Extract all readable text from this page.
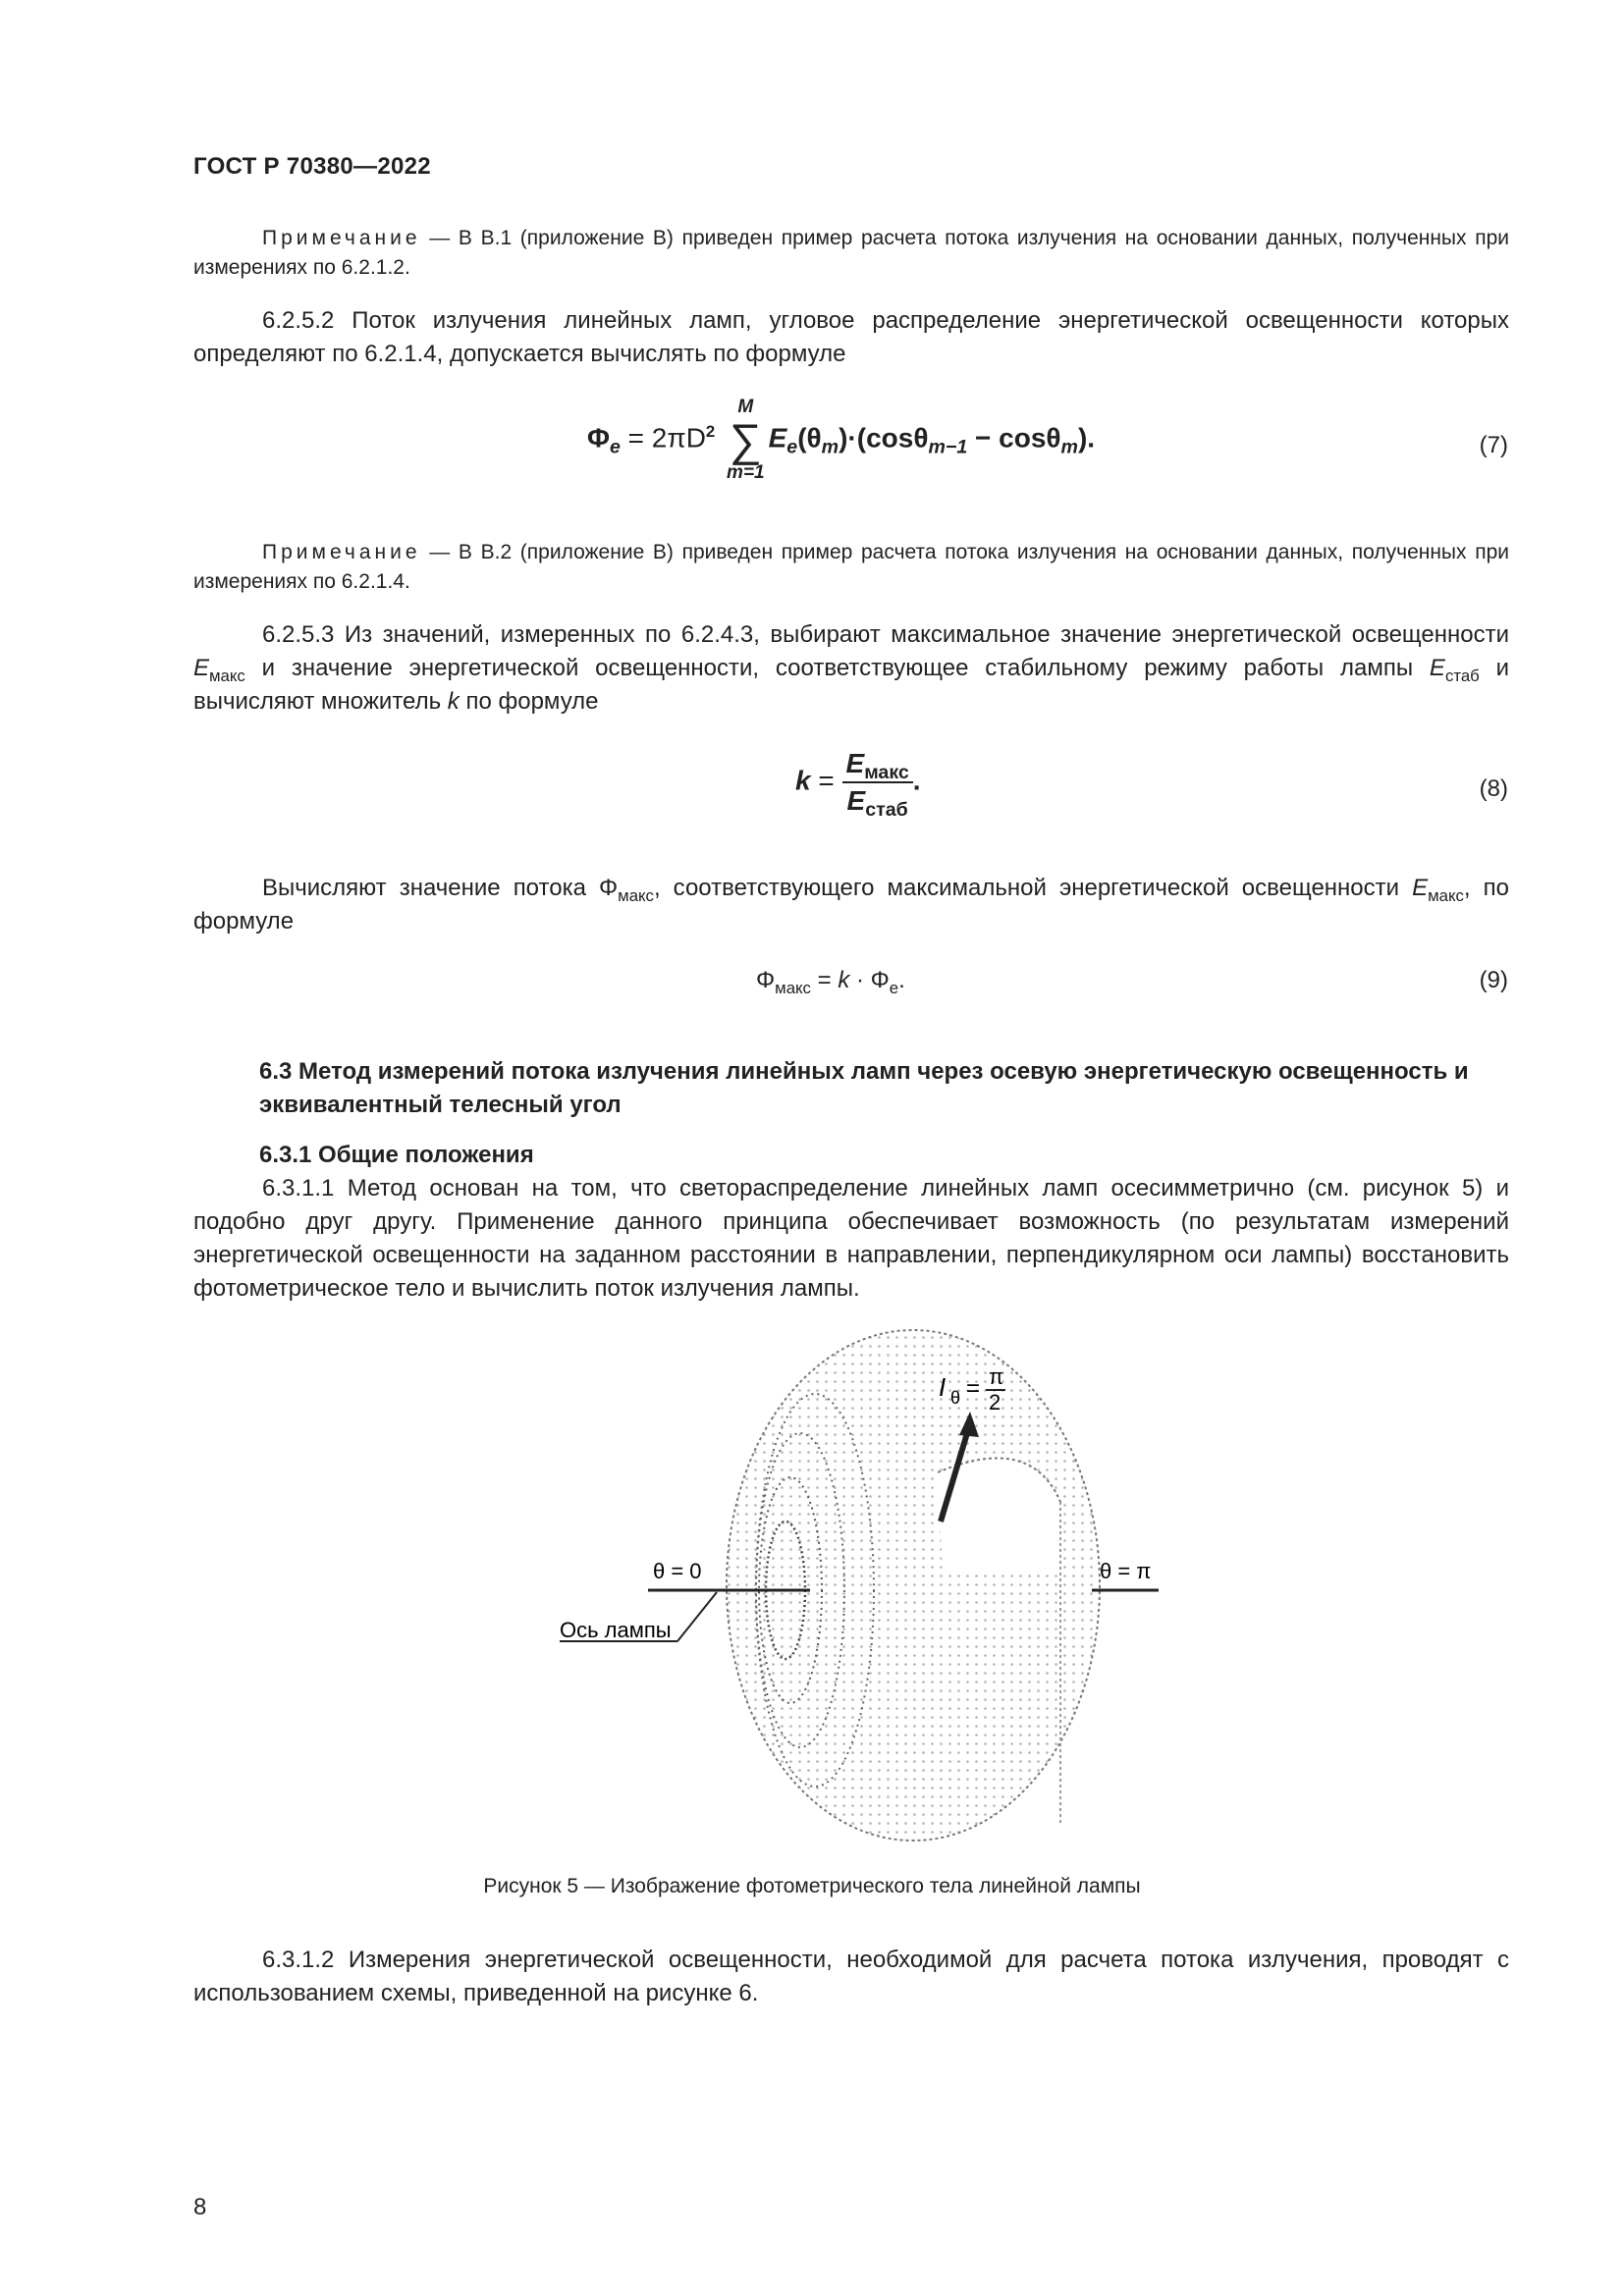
ГОСТ Р 70380—2022
Примечание — В В.1 (приложение В) приведен пример расчета потока излучения на основании данных, полученных при измерениях по 6.2.1.2.
6.2.5.2 Поток излучения линейных ламп, угловое распределение энергетической освещенности которых определяют по 6.2.1.4, допускается вычислять по формуле
$\Phi_e = 2\pi D^2$
M
∑
m=1
$E_e(\theta_m)\cdot(\cos\theta_{m-1} - \cos\theta_m)$.	(7)
Примечание — В В.2 (приложение В) приведен пример расчета потока излучения на основании данных, полученных при измерениях по 6.2.1.4.
6.2.5.3 Из значений, измеренных по 6.2.4.3, выбирают максимальное значение энергетической освещенности $E_{макс}$ и значение энергетической освещенности, соответствующее стабильному режиму работы лампы $E_{стаб}$ и вычисляют множитель k по формуле
$k = \frac{E_{макс}}{E_{стаб}}$ .	(8)
Вычисляют значение потока $\Phi_{макс}$, соответствующего максимальной энергетической освещенности $E_{макс}$, по формуле
$\Phi_{макс} = k \cdot \Phi_e$.	(9)
6.3 Метод измерений потока излучения линейных ламп через осевую энергетическую освещенность и эквивалентный телесный угол
6.3.1 Общие положения
6.3.1.1 Метод основан на том, что светораспределение линейных ламп осесимметрично (см. рисунок 5) и подобно друг другу. Применение данного принципа обеспечивает возможность (по результатам измерений энергетической освещенности на заданном расстоянии в направлении, перпендикулярном оси лампы) восстановить фотометрическое тело и вычислить поток излучения лампы.
θ = 0	θ = π
Ось лампы
I θ = π
2
Рисунок 5 — Изображение фотометрического тела линейной лампы
6.3.1.2 Измерения энергетической освещенности, необходимой для расчета потока излучения, проводят с использованием схемы, приведенной на рисунке 6.
8
